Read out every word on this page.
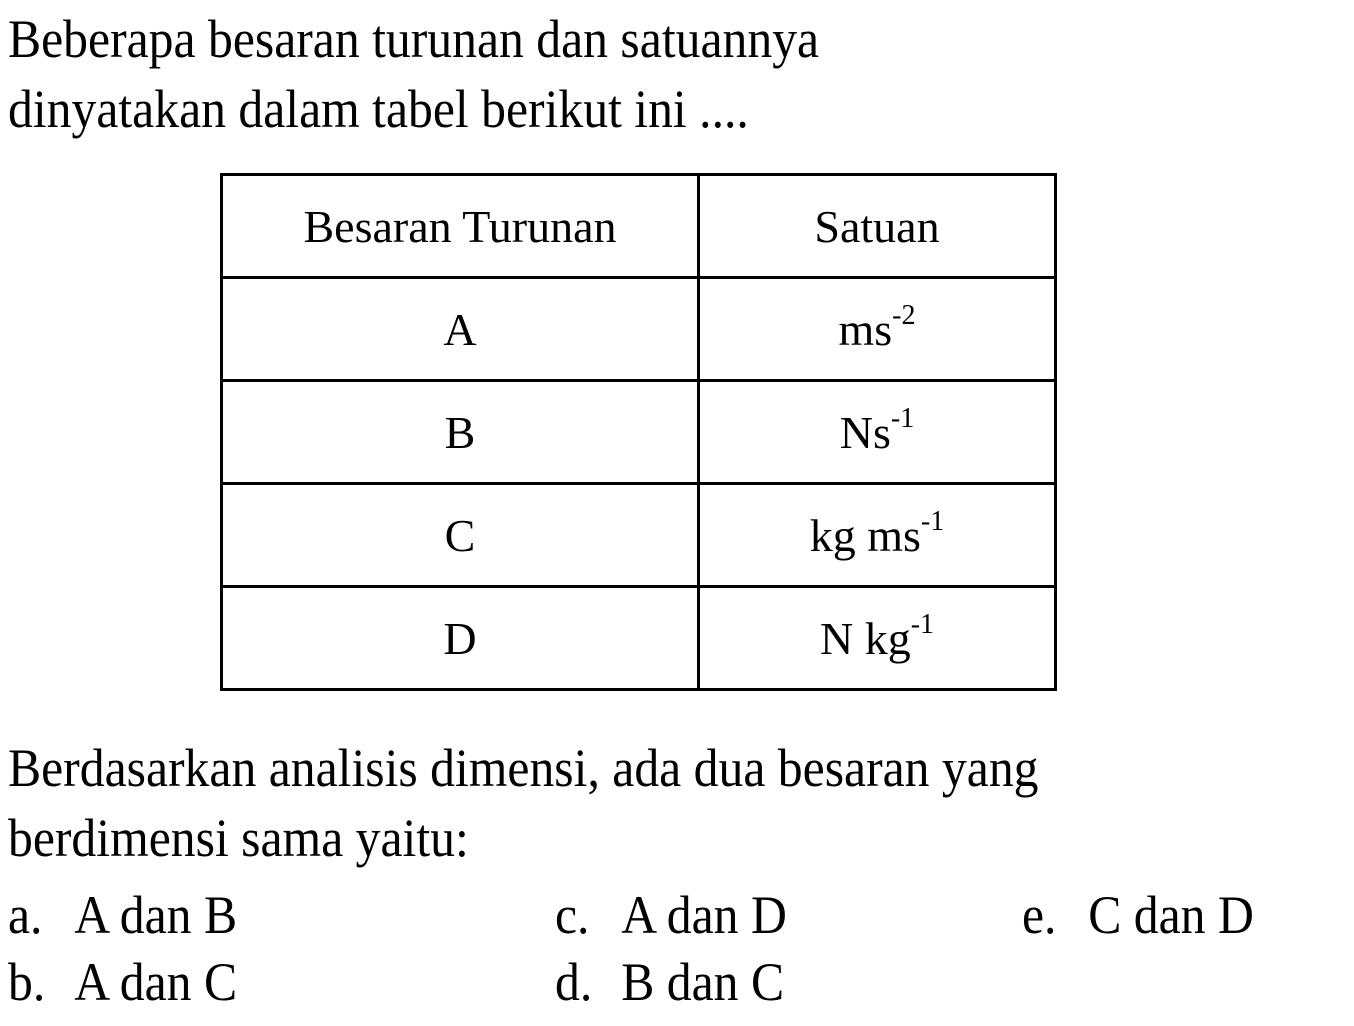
Beberapa besaran turunan dan satuannya
dinyatakan dalam tabel berikut ini ....

Besaran Turunan	Satuan
A	$ms^{-2}$
B	$Ns^{-1}$
C	kg $ms^{-1}$
D	N $kg^{-1}$

Berdasarkan analisis dimensi, ada dua besaran yang
berdimensi sama yaitu:

a. A dan B
b. A dan C
c. A dan D
d. B dan C
e. C dan D
